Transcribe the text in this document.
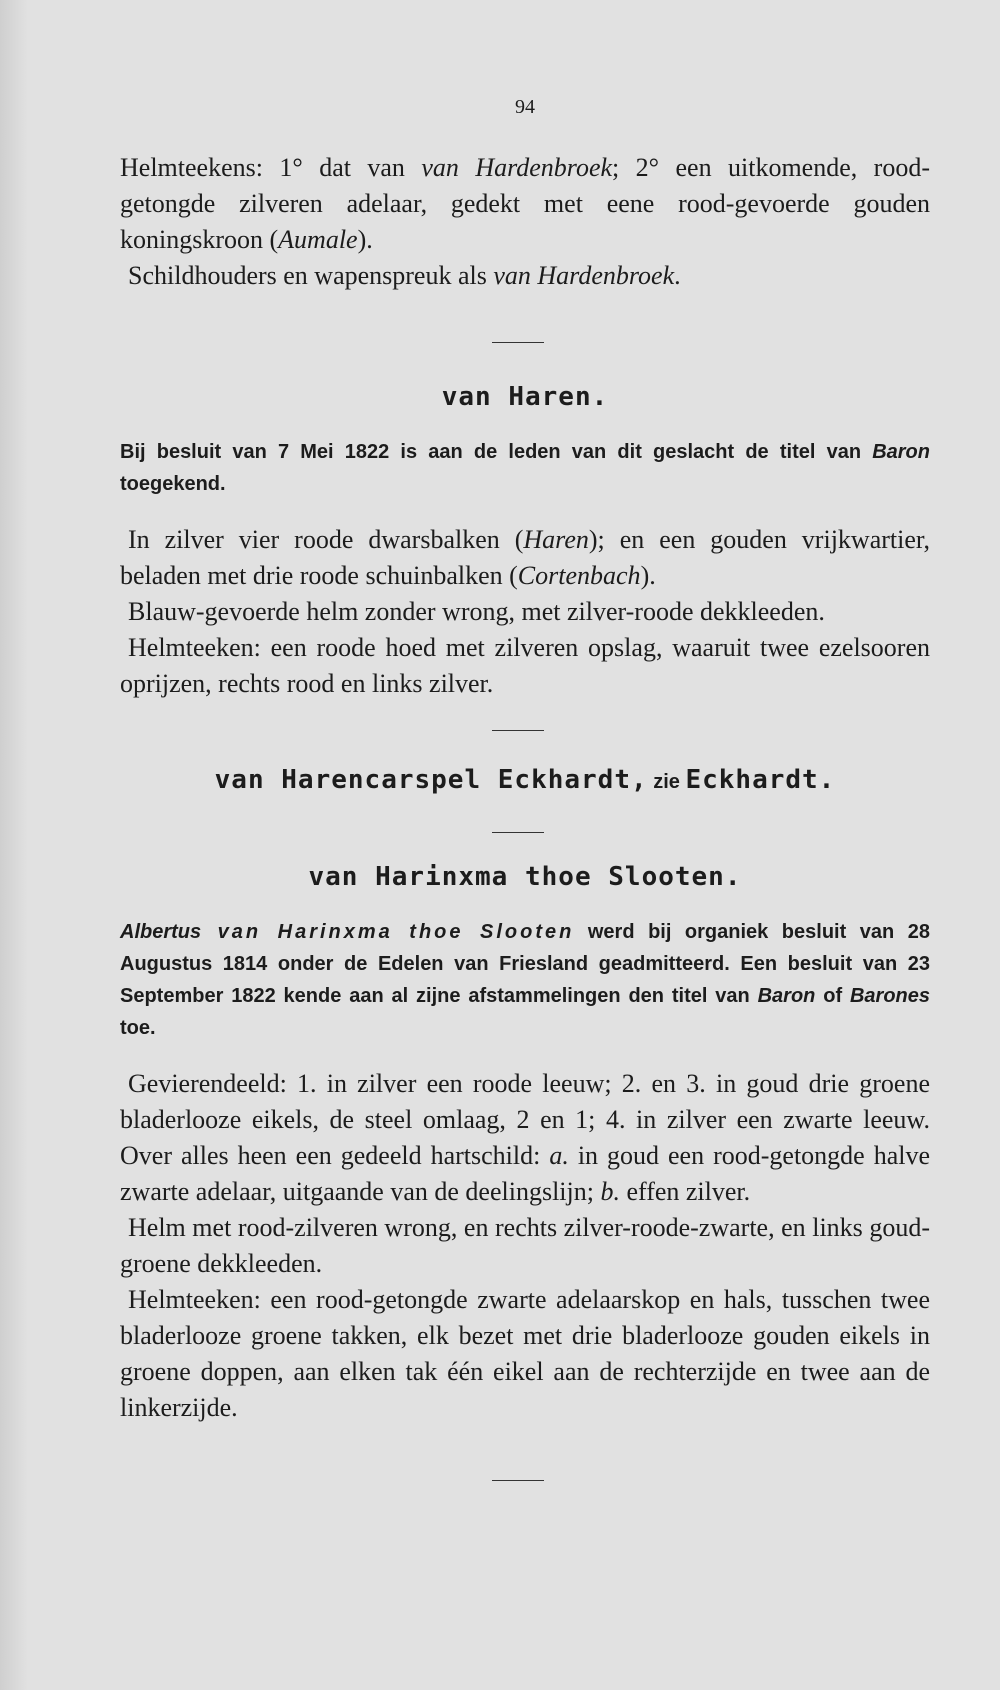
94

Helmteekens: 1° dat van van Hardenbroek; 2° een uitkomende, rood-getongde zilveren adelaar, gedekt met eene rood-gevoerde gouden koningskroon (Aumale).

Schildhouders en wapenspreuk als van Hardenbroek.

van Haren.

Bij besluit van 7 Mei 1822 is aan de leden van dit geslacht de titel van Baron toegekend.

In zilver vier roode dwarsbalken (Haren); en een gouden vrijkwartier, beladen met drie roode schuinbalken (Cortenbach).

Blauw-gevoerde helm zonder wrong, met zilver-roode dekkleeden.

Helmteeken: een roode hoed met zilveren opslag, waaruit twee ezelsooren oprijzen, rechts rood en links zilver.

van Harencarspel Eckhardt, zie Eckhardt.
van Harinxma thoe Slooten.

Albertus van Harinxma thoe Slooten werd bij organiek besluit van 28 Augustus 1814 onder de Edelen van Friesland geadmitteerd. Een besluit van 23 September 1822 kende aan al zijne afstammelingen den titel van Baron of Barones toe.

Gevierendeeld: 1. in zilver een roode leeuw; 2. en 3. in goud drie groene bladerlooze eikels, de steel omlaag, 2 en 1; 4. in zilver een zwarte leeuw. Over alles heen een gedeeld hartschild: a. in goud een rood-getongde halve zwarte adelaar, uitgaande van de deelingslijn; b. effen zilver.

Helm met rood-zilveren wrong, en rechts zilver-roode-zwarte, en links goud-groene dekkleeden.

Helmteeken: een rood-getongde zwarte adelaarskop en hals, tusschen twee bladerlooze groene takken, elk bezet met drie bladerlooze gouden eikels in groene doppen, aan elken tak één eikel aan de rechterzijde en twee aan de linkerzijde.
